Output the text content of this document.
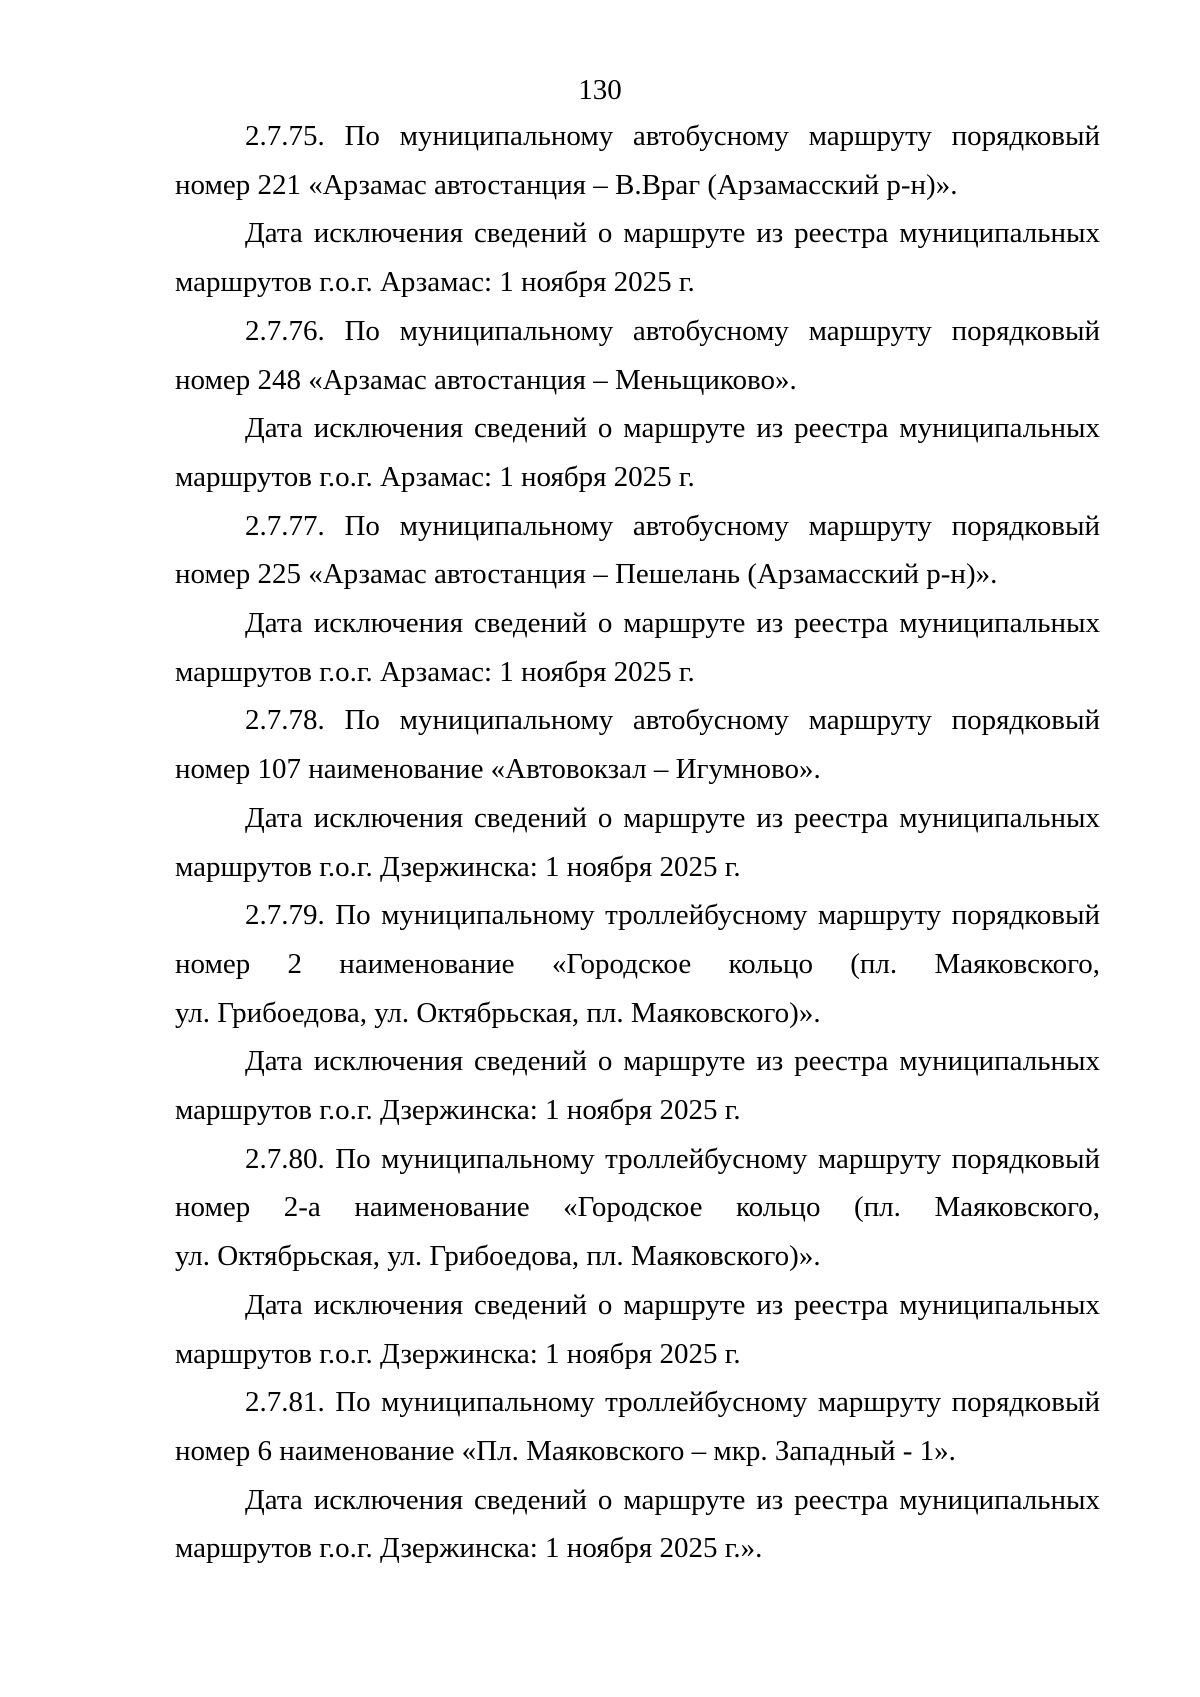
130

2.7.75. По муниципальному автобусному маршруту порядковый
номер 221 «Арзамас автостанция – В.Враг (Арзамасский р-н)».

Дата исключения сведений о маршруте из реестра муниципальных
маршрутов г.о.г. Арзамас: 1 ноября 2025 г.

2.7.76. По муниципальному автобусному маршруту порядковый
номер 248 «Арзамас автостанция – Меньщиково».

Дата исключения сведений о маршруте из реестра муниципальных
маршрутов г.о.г. Арзамас: 1 ноября 2025 г.

2.7.77. По муниципальному автобусному маршруту порядковый
номер 225 «Арзамас автостанция – Пешелань (Арзамасский р-н)».

Дата исключения сведений о маршруте из реестра муниципальных
маршрутов г.о.г. Арзамас: 1 ноября 2025 г.

2.7.78. По муниципальному автобусному маршруту порядковый
номер 107 наименование «Автовокзал – Игумново».

Дата исключения сведений о маршруте из реестра муниципальных
маршрутов г.о.г. Дзержинска: 1 ноября 2025 г.

2.7.79. По муниципальному троллейбусному маршруту порядковый
номер 2 наименование «Городское кольцо (пл. Маяковского,
ул. Грибоедова, ул. Октябрьская, пл. Маяковского)».

Дата исключения сведений о маршруте из реестра муниципальных
маршрутов г.о.г. Дзержинска: 1 ноября 2025 г.

2.7.80. По муниципальному троллейбусному маршруту порядковый
номер 2-а наименование «Городское кольцо (пл. Маяковского,
ул. Октябрьская, ул. Грибоедова, пл. Маяковского)».

Дата исключения сведений о маршруте из реестра муниципальных
маршрутов г.о.г. Дзержинска: 1 ноября 2025 г.

2.7.81. По муниципальному троллейбусному маршруту порядковый
номер 6 наименование «Пл. Маяковского – мкр. Западный - 1».

Дата исключения сведений о маршруте из реестра муниципальных
маршрутов г.о.г. Дзержинска: 1 ноября 2025 г.».
